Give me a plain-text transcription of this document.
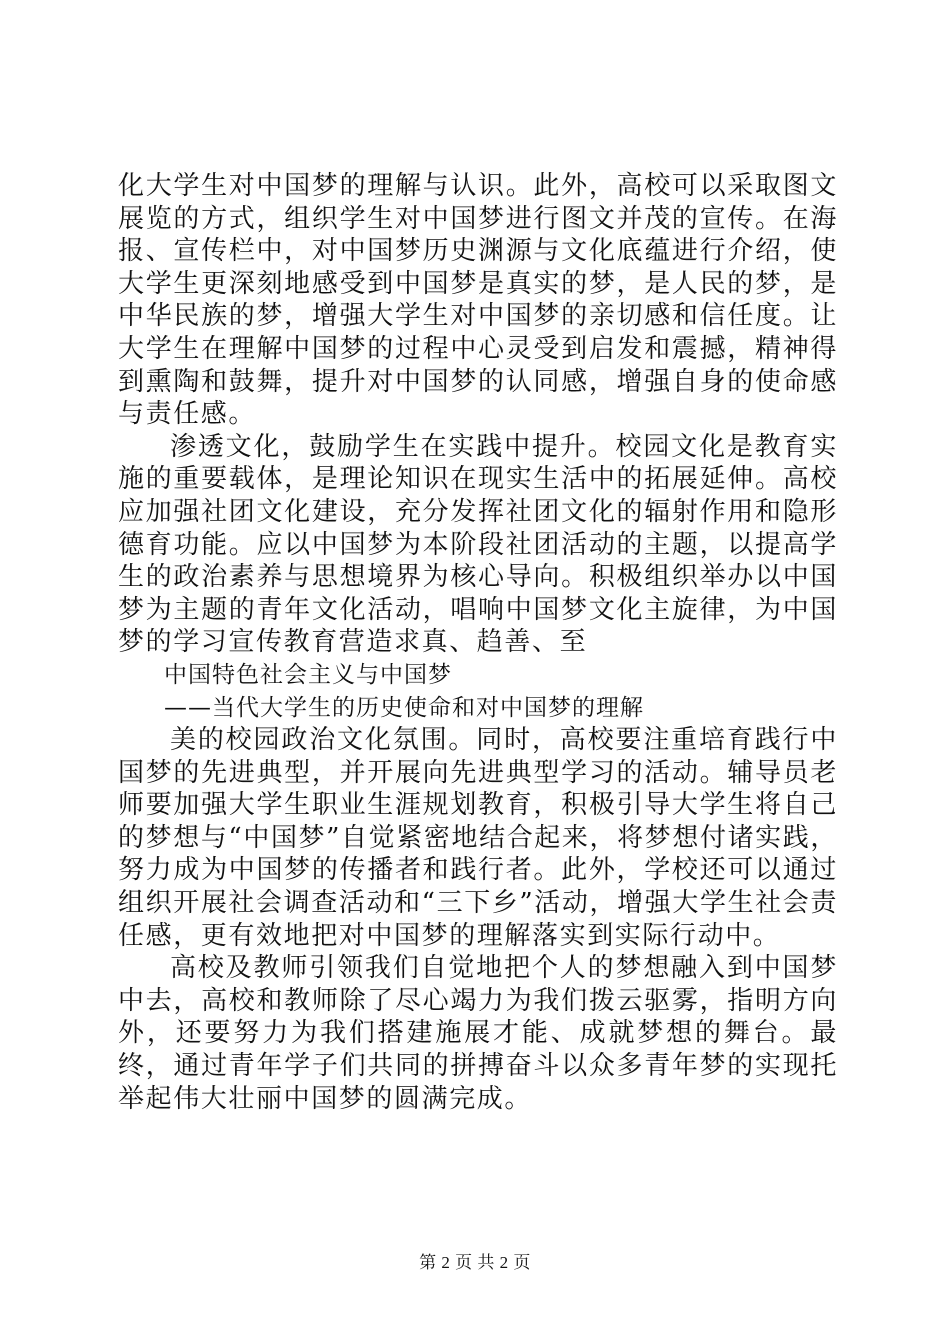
化大学生对中国梦的理解与认识。此外，高校可以采取图文展览的方式，组织学生对中国梦进行图文并茂的宣传。在海报、宣传栏中，对中国梦历史渊源与文化底蕴进行介绍，使大学生更深刻地感受到中国梦是真实的梦，是人民的梦，是中华民族的梦，增强大学生对中国梦的亲切感和信任度。让大学生在理解中国梦的过程中心灵受到启发和震撼，精神得到熏陶和鼓舞，提升对中国梦的认同感，增强自身的使命感与责任感。

渗透文化，鼓励学生在实践中提升。校园文化是教育实施的重要载体，是理论知识在现实生活中的拓展延伸。高校应加强社团文化建设，充分发挥社团文化的辐射作用和隐形德育功能。应以中国梦为本阶段社团活动的主题，以提高学生的政治素养与思想境界为核心导向。积极组织举办以中国梦为主题的青年文化活动，唱响中国梦文化主旋律，为中国梦的学习宣传教育营造求真、趋善、至

中国特色社会主义与中国梦

——当代大学生的历史使命和对中国梦的理解

美的校园政治文化氛围。同时，高校要注重培育践行中国梦的先进典型，并开展向先进典型学习的活动。辅导员老师要加强大学生职业生涯规划教育，积极引导大学生将自己的梦想与“中国梦”自觉紧密地结合起来，将梦想付诸实践，努力成为中国梦的传播者和践行者。此外，学校还可以通过组织开展社会调查活动和“三下乡”活动，增强大学生社会责任感，更有效地把对中国梦的理解落实到实际行动中。

高校及教师引领我们自觉地把个人的梦想融入到中国梦中去，高校和教师除了尽心竭力为我们拨云驱雾，指明方向外，还要努力为我们搭建施展才能、成就梦想的舞台。最终，通过青年学子们共同的拼搏奋斗以众多青年梦的实现托举起伟大壮丽中国梦的圆满完成。

第 2 页 共 2 页
